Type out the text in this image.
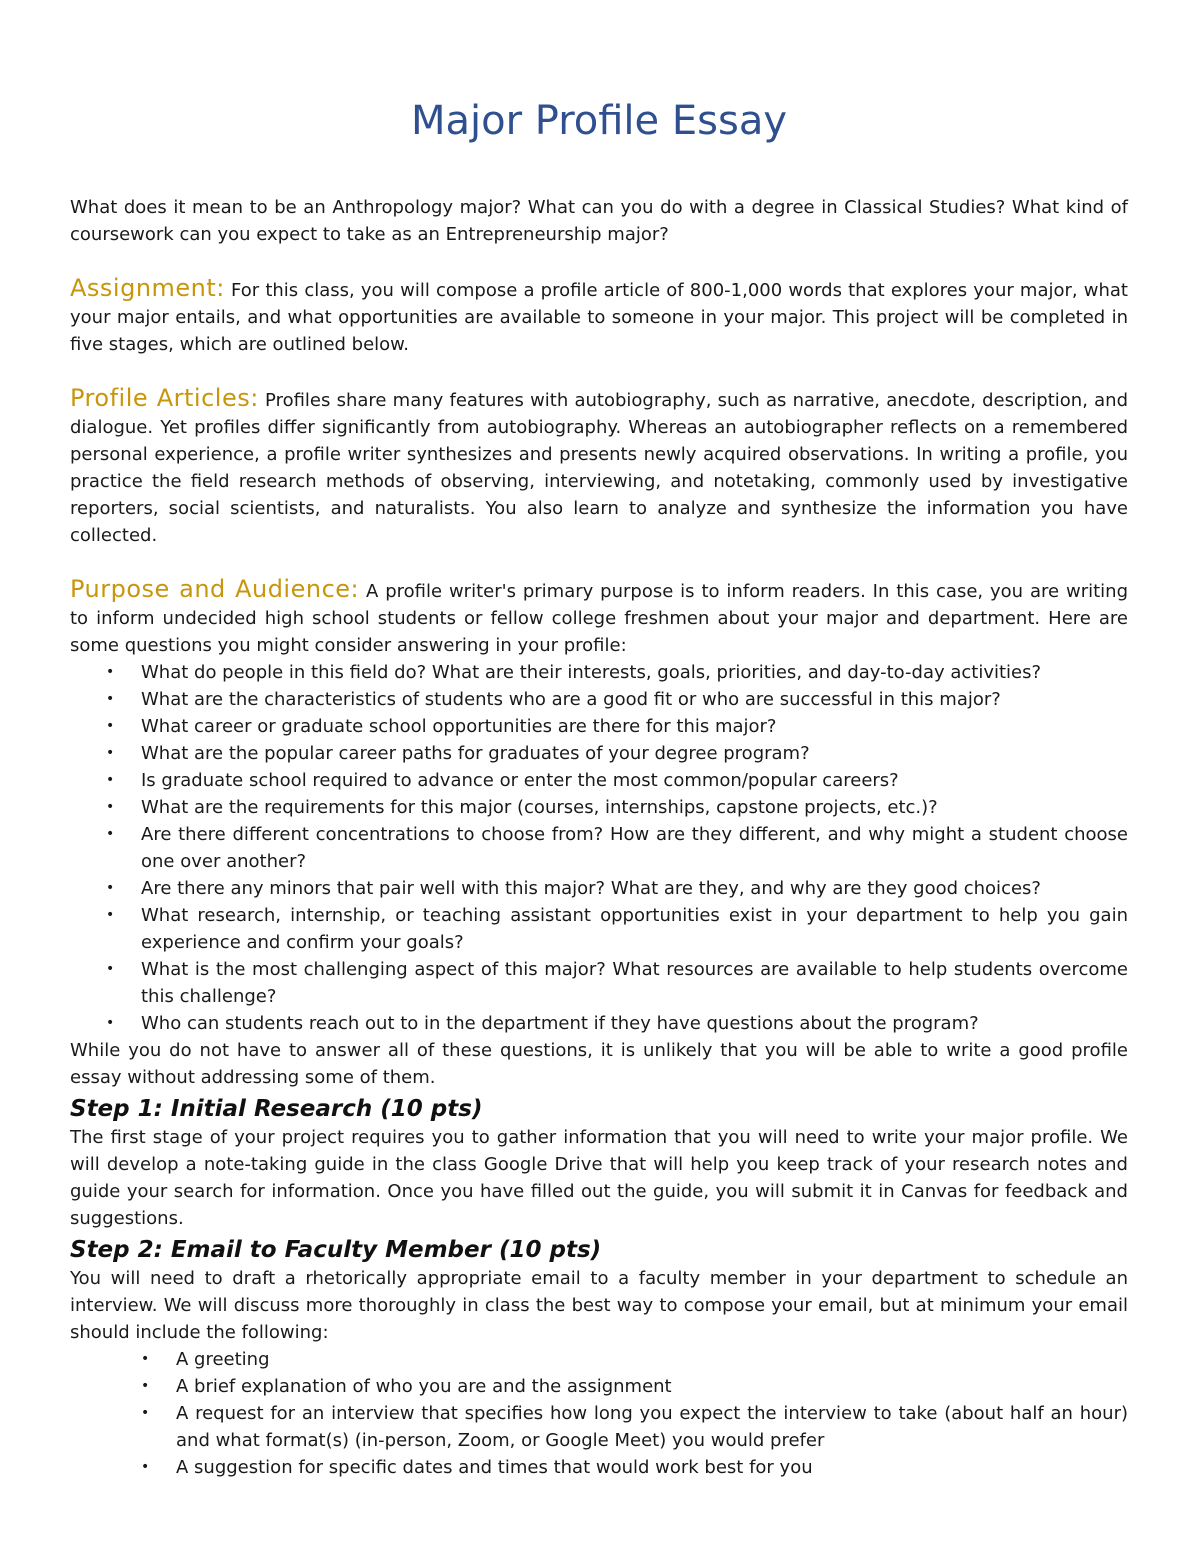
Major Profile Essay

What does it mean to be an Anthropology major? What can you do with a degree in Classical Studies? What kind of coursework can you expect to take as an Entrepreneurship major?

Assignment: For this class, you will compose a profile article of 800-1,000 words that explores your major, what your major entails, and what opportunities are available to someone in your major. This project will be completed in five stages, which are outlined below.

Profile Articles: Profiles share many features with autobiography, such as narrative, anecdote, description, and dialogue. Yet profiles differ significantly from autobiography. Whereas an autobiographer reflects on a remembered personal experience, a profile writer synthesizes and presents newly acquired observations. In writing a profile, you practice the field research methods of observing, interviewing, and notetaking, commonly used by investigative reporters, social scientists, and naturalists. You also learn to analyze and synthesize the information you have collected.

Purpose and Audience: A profile writer's primary purpose is to inform readers. In this case, you are writing to inform undecided high school students or fellow college freshmen about your major and department. Here are some questions you might consider answering in your profile:

• What do people in this field do? What are their interests, goals, priorities, and day-to-day activities?
• What are the characteristics of students who are a good fit or who are successful in this major?
• What career or graduate school opportunities are there for this major?
• What are the popular career paths for graduates of your degree program?
• Is graduate school required to advance or enter the most common/popular careers?
• What are the requirements for this major (courses, internships, capstone projects, etc.)?
• Are there different concentrations to choose from? How are they different, and why might a student choose one over another?
• Are there any minors that pair well with this major? What are they, and why are they good choices?
• What research, internship, or teaching assistant opportunities exist in your department to help you gain experience and confirm your goals?
• What is the most challenging aspect of this major? What resources are available to help students overcome this challenge?
• Who can students reach out to in the department if they have questions about the program?

While you do not have to answer all of these questions, it is unlikely that you will be able to write a good profile essay without addressing some of them.

Step 1: Initial Research (10 pts)

The first stage of your project requires you to gather information that you will need to write your major profile. We will develop a note-taking guide in the class Google Drive that will help you keep track of your research notes and guide your search for information. Once you have filled out the guide, you will submit it in Canvas for feedback and suggestions.

Step 2: Email to Faculty Member (10 pts)

You will need to draft a rhetorically appropriate email to a faculty member in your department to schedule an interview. We will discuss more thoroughly in class the best way to compose your email, but at minimum your email should include the following:

• A greeting
• A brief explanation of who you are and the assignment
• A request for an interview that specifies how long you expect the interview to take (about half an hour) and what format(s) (in-person, Zoom, or Google Meet) you would prefer
• A suggestion for specific dates and times that would work best for you
